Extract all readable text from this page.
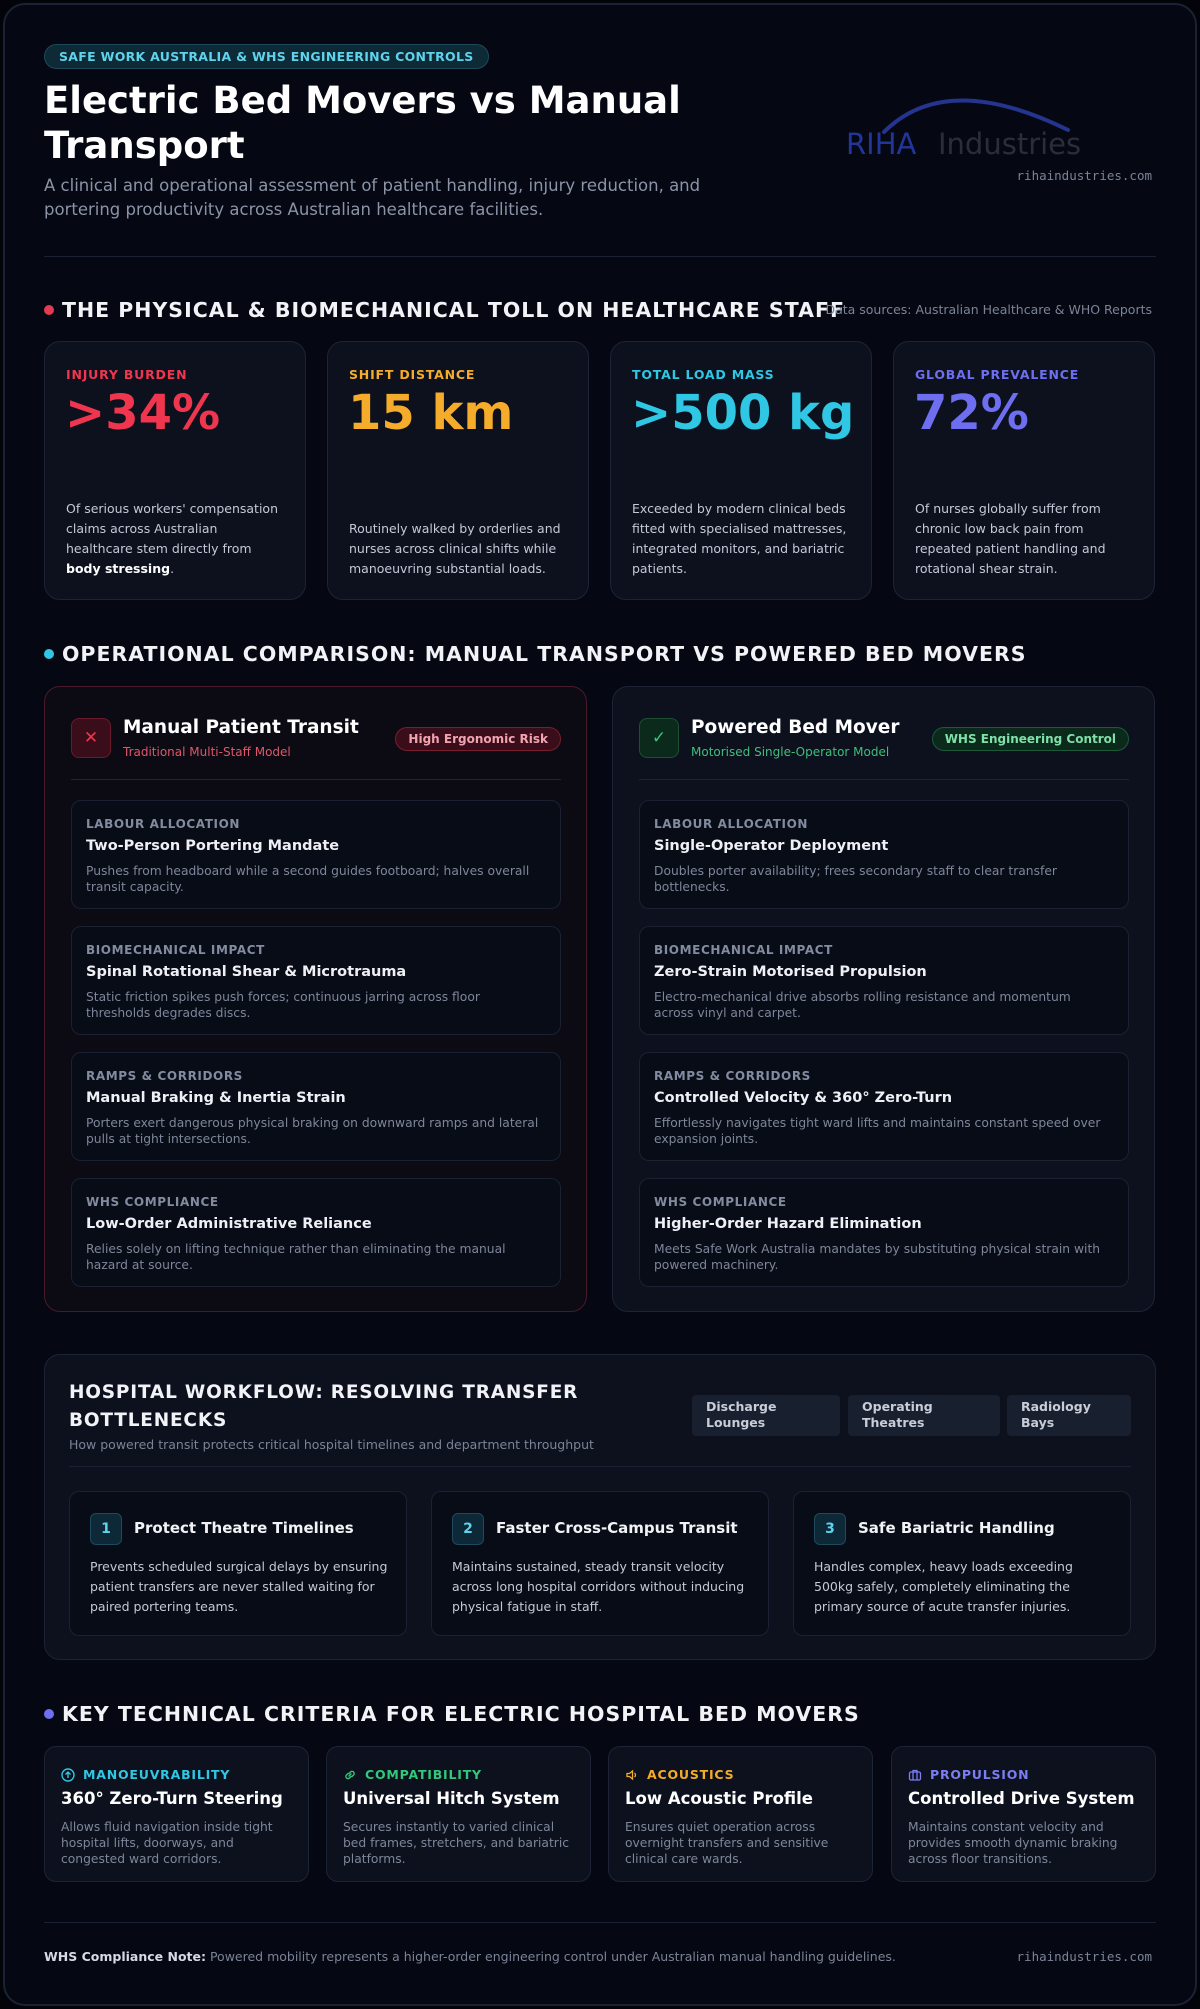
SAFE WORK AUSTRALIA & WHS ENGINEERING CONTROLS
Electric Bed Movers vs Manual Transport
A clinical and operational assessment of patient handling, injury reduction, and portering productivity across Australian healthcare facilities.
RIHA Industries
rihaindustries.com
THE PHYSICAL & BIOMECHANICAL TOLL ON HEALTHCARE STAFF
Data sources: Australian Healthcare & WHO Reports
INJURY BURDEN
>34%
Of serious workers' compensation claims across Australian healthcare stem directly from body stressing.
SHIFT DISTANCE
15 km
Routinely walked by orderlies and nurses across clinical shifts while manoeuvring substantial loads.
TOTAL LOAD MASS
>500 kg
Exceeded by modern clinical beds fitted with specialised mattresses, integrated monitors, and bariatric patients.
GLOBAL PREVALENCE
72%
Of nurses globally suffer from chronic low back pain from repeated patient handling and rotational shear strain.
OPERATIONAL COMPARISON: MANUAL TRANSPORT VS POWERED BED MOVERS
✕	Manual Patient Transit
Traditional Multi-Staff Model
High Ergonomic Risk
LABOUR ALLOCATION
Two-Person Portering Mandate
Pushes from headboard while a second guides footboard; halves overall transit capacity.
BIOMECHANICAL IMPACT
Spinal Rotational Shear & Microtrauma
Static friction spikes push forces; continuous jarring across floor thresholds degrades discs.
RAMPS & CORRIDORS
Manual Braking & Inertia Strain
Porters exert dangerous physical braking on downward ramps and lateral pulls at tight intersections.
WHS COMPLIANCE
Low-Order Administrative Reliance
Relies solely on lifting technique rather than eliminating the manual hazard at source.
✓	Powered Bed Mover
Motorised Single-Operator Model
WHS Engineering Control
LABOUR ALLOCATION
Single-Operator Deployment
Doubles porter availability; frees secondary staff to clear transfer bottlenecks.
BIOMECHANICAL IMPACT
Zero-Strain Motorised Propulsion
Electro-mechanical drive absorbs rolling resistance and momentum across vinyl and carpet.
RAMPS & CORRIDORS
Controlled Velocity & 360° Zero-Turn
Effortlessly navigates tight ward lifts and maintains constant speed over expansion joints.
WHS COMPLIANCE
Higher-Order Hazard Elimination
Meets Safe Work Australia mandates by substituting physical strain with powered machinery.
HOSPITAL WORKFLOW: RESOLVING TRANSFER BOTTLENECKS
How powered transit protects critical hospital timelines and department throughput
Discharge Lounges
Operating Theatres
Radiology Bays
1	Protect Theatre Timelines
Prevents scheduled surgical delays by ensuring patient transfers are never stalled waiting for paired portering teams.
2	Faster Cross-Campus Transit
Maintains sustained, steady transit velocity across long hospital corridors without inducing physical fatigue in staff.
3	Safe Bariatric Handling
Handles complex, heavy loads exceeding 500kg safely, completely eliminating the primary source of acute transfer injuries.
KEY TECHNICAL CRITERIA FOR ELECTRIC HOSPITAL BED MOVERS
MANOEUVRABILITY
360° Zero-Turn Steering
Allows fluid navigation inside tight hospital lifts, doorways, and congested ward corridors.
COMPATIBILITY
Universal Hitch System
Secures instantly to varied clinical bed frames, stretchers, and bariatric platforms.
ACOUSTICS
Low Acoustic Profile
Ensures quiet operation across overnight transfers and sensitive clinical care wards.
PROPULSION
Controlled Drive System
Maintains constant velocity and provides smooth dynamic braking across floor transitions.
WHS Compliance Note: Powered mobility represents a higher-order engineering control under Australian manual handling guidelines.	rihaindustries.com
